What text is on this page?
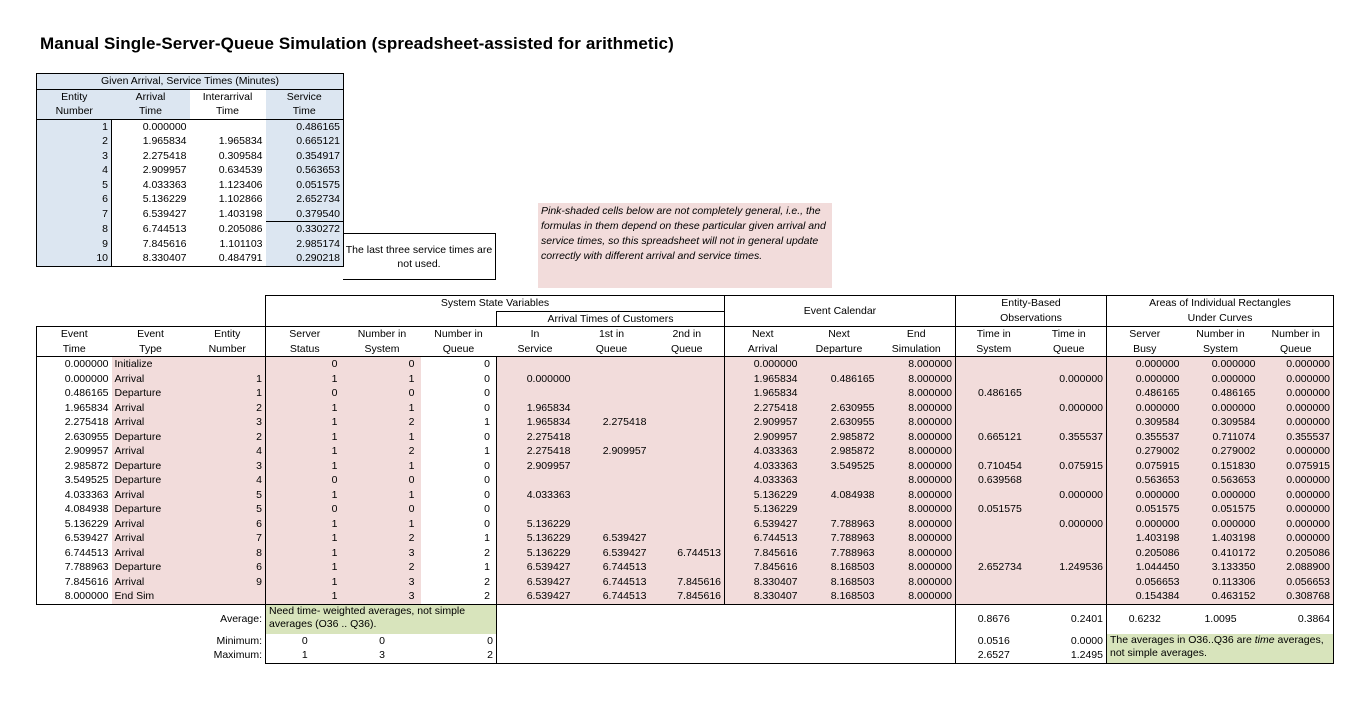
Manual Single-Server-Queue Simulation (spreadsheet-assisted for arithmetic)
Given Arrival, Service Times (Minutes)			
Entity	Arrival	Interarrival	Service
Number	Time	Time	Time
1	0.000000		0.486165
2	1.965834	1.965834	0.665121
3	2.275418	0.309584	0.354917
4	2.909957	0.634539	0.563653
5	4.033363	1.123406	0.051575
6	5.136229	1.102866	2.652734
7	6.539427	1.403198	0.379540
8	6.744513	0.205086	0.330272
9	7.845616	1.101103	2.985174
10	8.330407	0.484791	0.290218
The last three service times are not used.
Pink-shaded cells below are not completely general, i.e., the formulas in them depend on these particular given arrival and service times, so this spreadsheet will not in general update correctly with different arrival and service times.
			System State Variables						Event Calendar			Entity-Based		Areas of Individual Rectangles		
						Arrival Times of Customers						Observations		Under Curves		
Event	Event	Entity	Server	Number in	Number in	In	1st in	2nd in	Next	Next	End	Time in	Time in	Server	Number in	Number in
Time	Type	Number	Status	System	Queue	Service	Queue	Queue	Arrival	Departure	Simulation	System	Queue	Busy	System	Queue
0.000000	Initialize		0	0	0				0.000000		8.000000			0.000000	0.000000	0.000000
0.000000	Arrival	1	1	1	0	0.000000			1.965834	0.486165	8.000000		0.000000	0.000000	0.000000	0.000000
0.486165	Departure	1	0	0	0				1.965834		8.000000	0.486165		0.486165	0.486165	0.000000
1.965834	Arrival	2	1	1	0	1.965834			2.275418	2.630955	8.000000		0.000000	0.000000	0.000000	0.000000
2.275418	Arrival	3	1	2	1	1.965834	2.275418		2.909957	2.630955	8.000000			0.309584	0.309584	0.000000
2.630955	Departure	2	1	1	0	2.275418			2.909957	2.985872	8.000000	0.665121	0.355537	0.355537	0.711074	0.355537
2.909957	Arrival	4	1	2	1	2.275418	2.909957		4.033363	2.985872	8.000000			0.279002	0.279002	0.000000
2.985872	Departure	3	1	1	0	2.909957			4.033363	3.549525	8.000000	0.710454	0.075915	0.075915	0.151830	0.075915
3.549525	Departure	4	0	0	0				4.033363		8.000000	0.639568		0.563653	0.563653	0.000000
4.033363	Arrival	5	1	1	0	4.033363			5.136229	4.084938	8.000000		0.000000	0.000000	0.000000	0.000000
4.084938	Departure	5	0	0	0				5.136229		8.000000	0.051575		0.051575	0.051575	0.000000
5.136229	Arrival	6	1	1	0	5.136229			6.539427	7.788963	8.000000		0.000000	0.000000	0.000000	0.000000
6.539427	Arrival	7	1	2	1	5.136229	6.539427		6.744513	7.788963	8.000000			1.403198	1.403198	0.000000
6.744513	Arrival	8	1	3	2	5.136229	6.539427	6.744513	7.845616	7.788963	8.000000			0.205086	0.410172	0.205086
7.788963	Departure	6	1	2	1	6.539427	6.744513		7.845616	8.168503	8.000000	2.652734	1.249536	1.044450	3.133350	2.088900
7.845616	Arrival	9	1	3	2	6.539427	6.744513	7.845616	8.330407	8.168503	8.000000			0.056653	0.113306	0.056653
8.000000	End Sim		1	3	2	6.539427	6.744513	7.845616	8.330407	8.168503	8.000000			0.154384	0.463152	0.308768
		Average:	Need time- weighted averages, not simple averages (O36 .. Q36).									0.8676	0.2401	0.6232	1.0095	0.3864
		Minimum:	0	0	0							0.0516	0.0000	The averages in O36..Q36 are time averages, not simple averages.		
		Maximum:	1	3	2							2.6527	1.2495			
